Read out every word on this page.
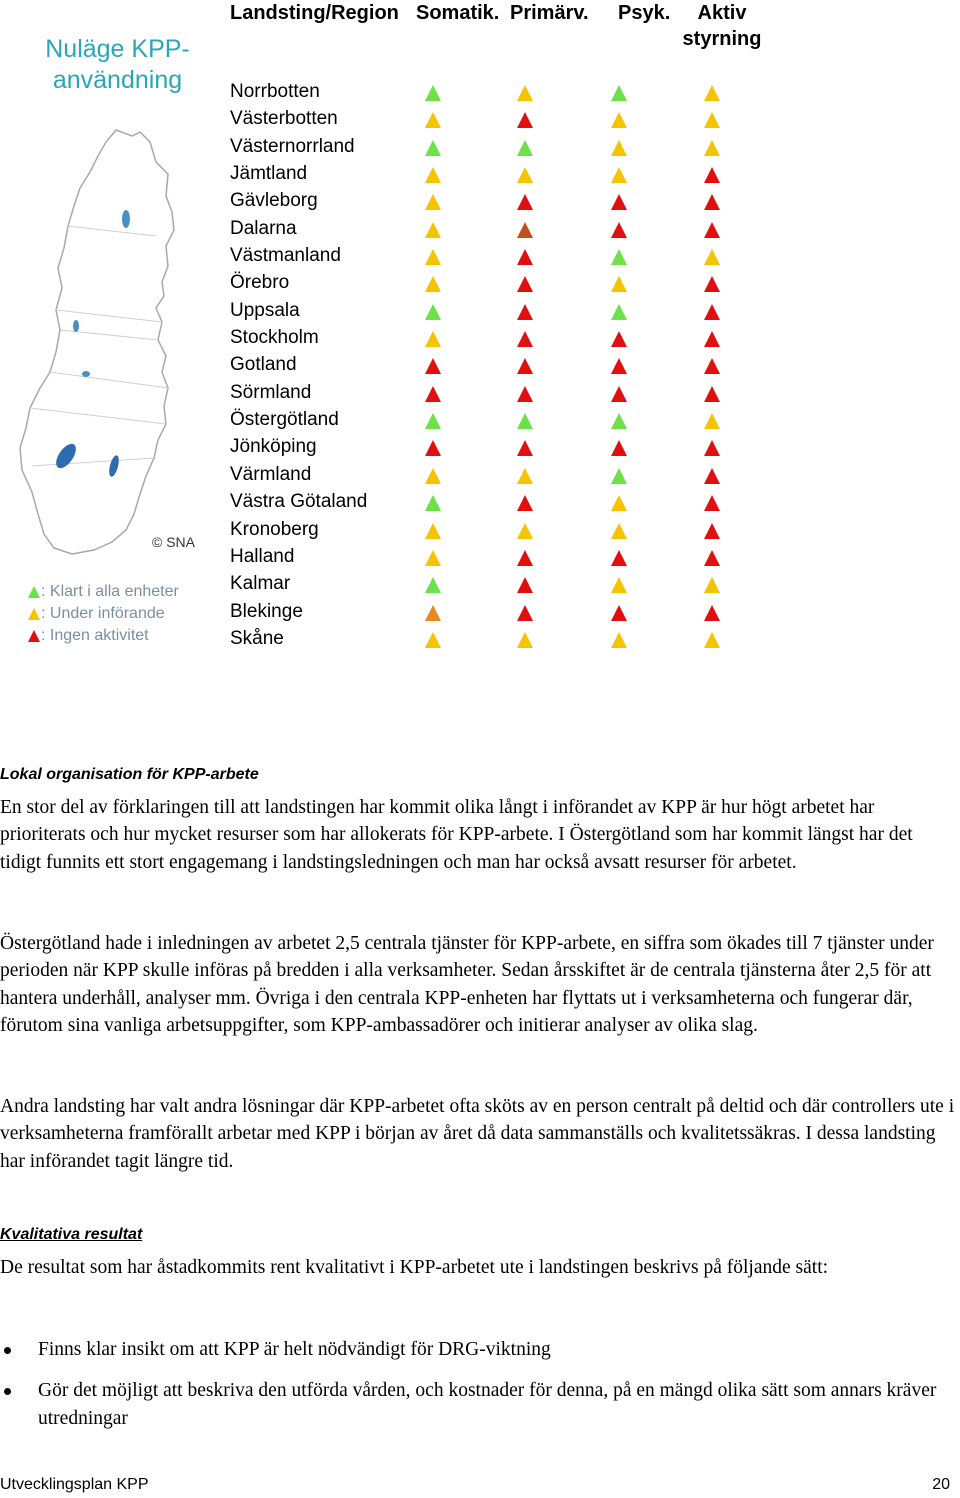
Nuläge KPP-användning
© SNA
: Klart i alla enheter
: Under införande
: Ingen aktivitet
Landsting/Region Somatik. Primärv. Psyk.	Aktiv styrning
Norrbotten
Västerbotten
Västernorrland
Jämtland
Gävleborg
Dalarna
Västmanland
Örebro
Uppsala
Stockholm
Gotland
Sörmland
Östergötland
Jönköping
Värmland
Västra Götaland
Kronoberg
Halland
Kalmar
Blekinge
Skåne
Lokal organisation för KPP-arbete

En stor del av förklaringen till att landstingen har kommit olika långt i införandet av KPP är hur högt arbetet har prioriterats och hur mycket resurser som har allokerats för KPP-arbete. I Östergötland som har kommit längst har det tidigt funnits ett stort engagemang i landstingsledningen och man har också avsatt resurser för arbetet.

Östergötland hade i inledningen av arbetet 2,5 centrala tjänster för KPP-arbete, en siffra som ökades till 7 tjänster under perioden när KPP skulle införas på bredden i alla verksamheter. Sedan årsskiftet är de centrala tjänsterna åter 2,5 för att hantera underhåll, analyser mm. Övriga i den centrala KPP-enheten har flyttats ut i verksamheterna och fungerar där, förutom sina vanliga arbetsuppgifter, som KPP-ambassadörer och initierar analyser av olika slag.

Andra landsting har valt andra lösningar där KPP-arbetet ofta sköts av en person centralt på deltid och där controllers ute i verksamheterna framförallt arbetar med KPP i början av året då data sammanställs och kvalitetssäkras. I dessa landsting har införandet tagit längre tid.

Kvalitativa resultat

De resultat som har åstadkommits rent kvalitativt i KPP-arbetet ute i landstingen beskrivs på följande sätt:

Finns klar insikt om att KPP är helt nödvändigt för DRG-viktning
Gör det möjligt att beskriva den utförda vården, och kostnader för denna, på en mängd olika sätt som annars kräver utredningar
Utvecklingsplan KPP	20
